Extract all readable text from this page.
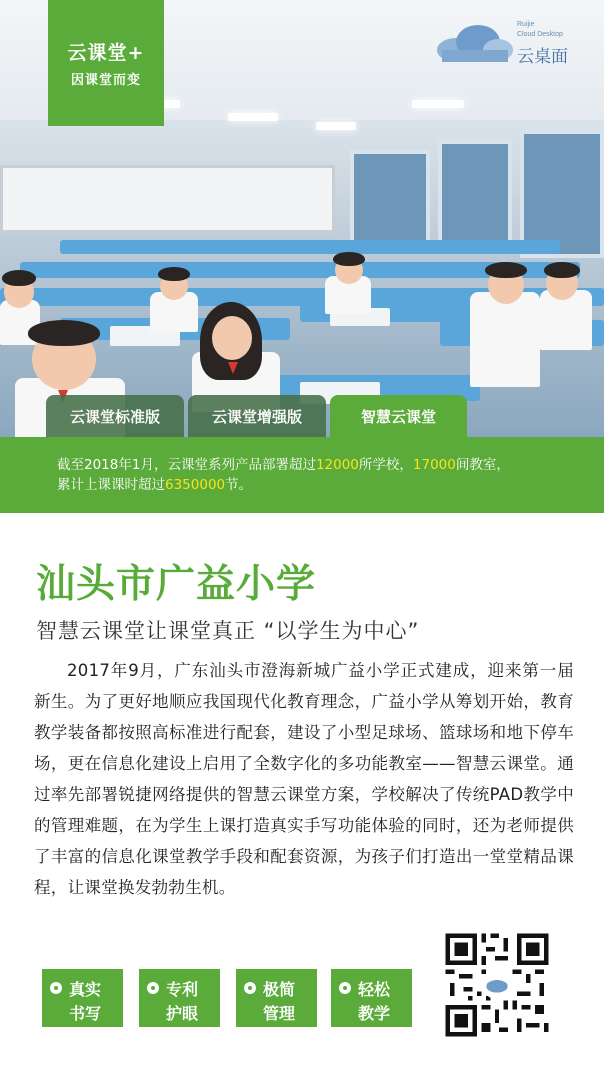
云课堂+
因课堂而变
Ruijie
Cloud Desktop
云桌面
云课堂标准版	云课堂增强版	智慧云课堂
截至2018年1月，云课堂系列产品部署超过12000所学校，17000间教室，
累计上课课时超过6350000节。
汕头市广益小学
智慧云课堂让课堂真正 “以学生为中心”
2017年9月，广东汕头市澄海新城广益小学正式建成，迎来第一届新生。为了更好地顺应我国现代化教育理念，广益小学从筹划开始，教育教学装备都按照高标准进行配套，建设了小型足球场、篮球场和地下停车场，更在信息化建设上启用了全数字化的多功能教室——智慧云课堂。通过率先部署锐捷网络提供的智慧云课堂方案，学校解决了传统PAD教学中的管理难题，在为学生上课打造真实手写功能体验的同时，还为老师提供了丰富的信息化课堂教学手段和配套资源，为孩子们打造出一堂堂精品课程，让课堂换发勃勃生机。
真实
书写
专利
护眼
极简
管理
轻松
教学
